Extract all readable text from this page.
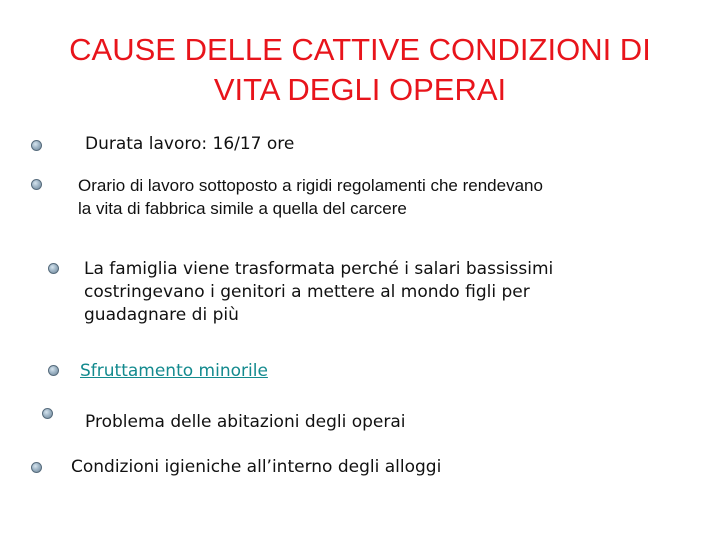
CAUSE DELLE CATTIVE CONDIZIONI DI
VITA DEGLI OPERAI
Durata lavoro: 16/17 ore
Orario di lavoro sottoposto a rigidi regolamenti che rendevano
la vita di fabbrica simile a quella del carcere
La famiglia viene trasformata perché i salari bassissimi
costringevano i genitori a mettere al mondo figli per
guadagnare di più
Sfruttamento minorile
Problema delle abitazioni degli operai
Condizioni igieniche all’interno degli alloggi
